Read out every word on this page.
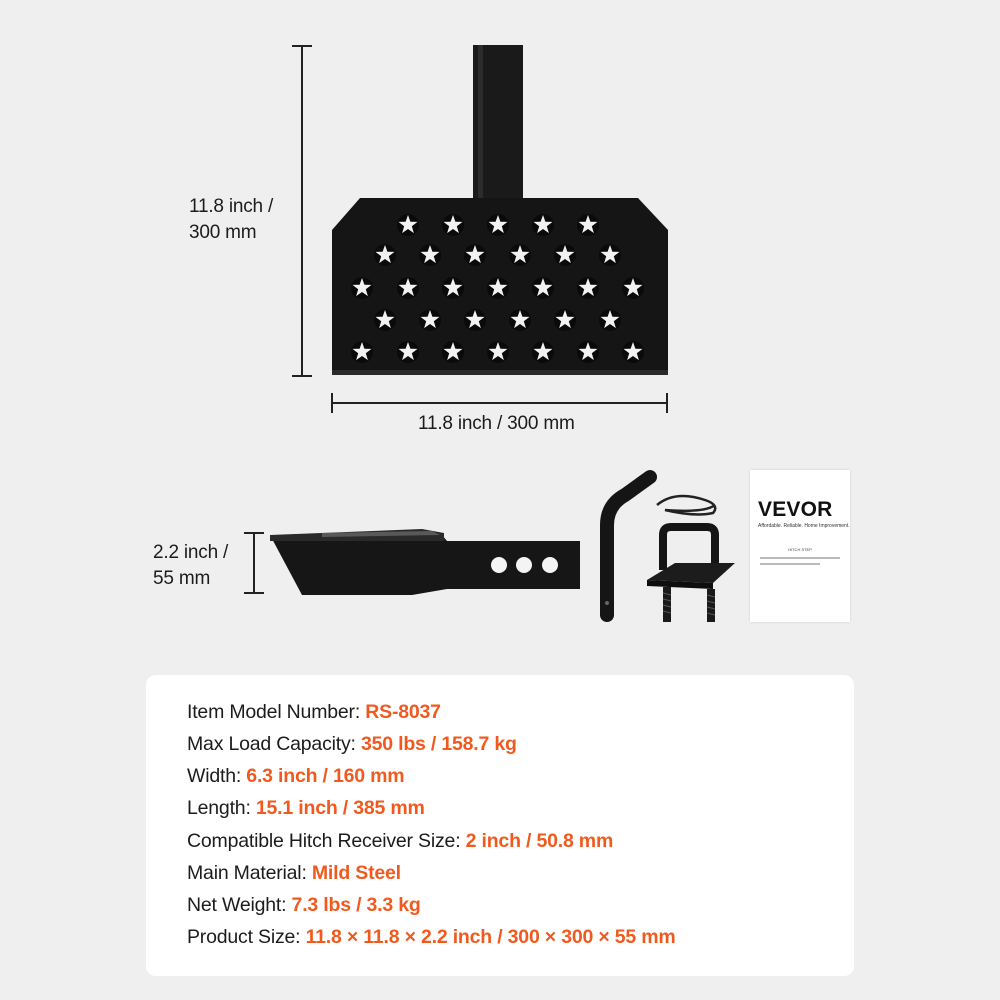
11.8 inch /
300 mm
11.8 inch / 300 mm
2.2 inch /
55 mm
VEVOR
Affordable. Reliable. Home Improvement.
HITCH STEP
Item Model Number: RS-8037
Max Load Capacity: 350 lbs / 158.7 kg
Width: 6.3 inch / 160 mm
Length: 15.1 inch / 385 mm
Compatible Hitch Receiver Size: 2 inch / 50.8 mm
Main Material: Mild Steel
Net Weight: 7.3 lbs / 3.3 kg
Product Size: 11.8 × 11.8 × 2.2 inch / 300 × 300 × 55 mm
